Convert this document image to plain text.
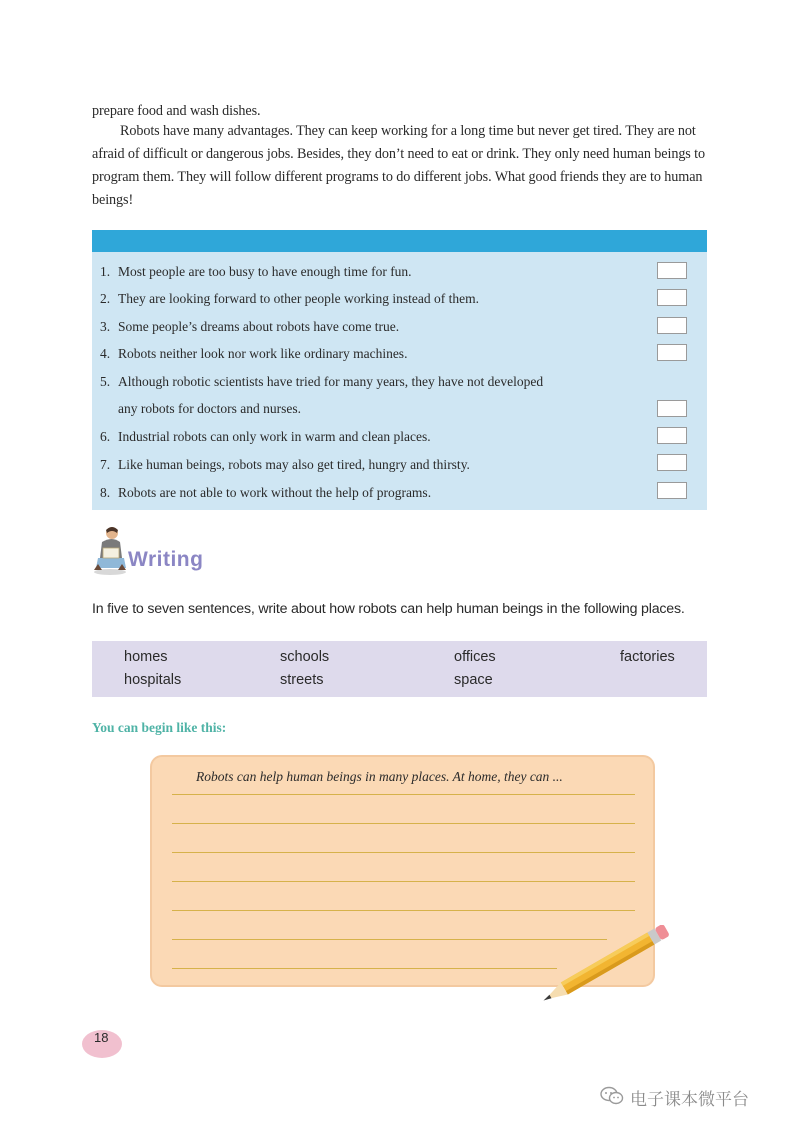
prepare food and wash dishes.

Robots have many advantages. They can keep working for a long time but never get tired. They are not afraid of difficult or dangerous jobs. Besides, they don’t need to eat or drink. They only need human beings to program them. They will follow different programs to do different jobs. What good friends they are to human beings!

1. Most people are too busy to have enough time for fun.
2. They are looking forward to other people working instead of them.
3. Some people’s dreams about robots have come true.
4. Robots neither look nor work like ordinary machines.
5. Although robotic scientists have tried for many years, they have not developed
any robots for doctors and nurses.
6. Industrial robots can only work in warm and clean places.
7. Like human beings, robots may also get tired, hungry and thirsty.
8. Robots are not able to work without the help of programs.
Writing
In five to seven sentences, write about how robots can help human beings in the following places.
homes	schools	offices	factories
hospitals	streets	space
You can begin like this:
Robots can help human beings in many places. At home, they can ...
18
电子课本微平台
